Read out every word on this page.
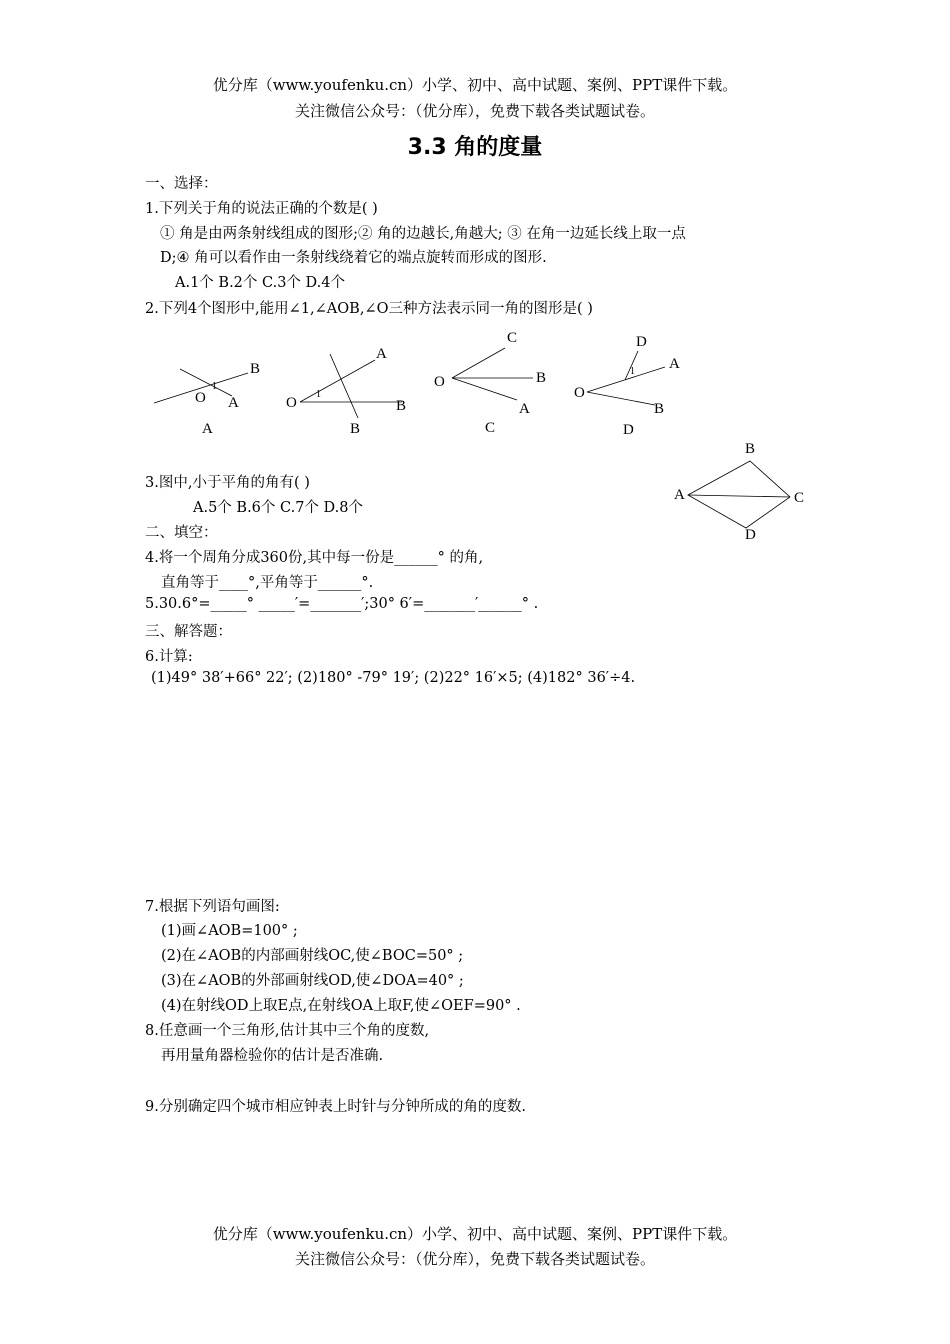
优分库（www.youfenku.cn）小学、初中、高中试题、案例、PPT课件下载。
关注微信公众号：（优分库），免费下载各类试题试卷。
3.3 角的度量
一、选择：
1.下列关于角的说法正确的个数是( )
① 角是由两条射线组成的图形;② 角的边越长,角越大; ③ 在角一边延长线上取一点
D;④ 角可以看作由一条射线绕着它的端点旋转而形成的图形.
A.1个 B.2个 C.3个 D.4个
2.下列4个图形中,能用∠1,∠AOB,∠O三种方法表示同一角的图形是( )
B
1
O A
A
A
1
O	B
B
C
O	B
A
C
D
A
1
O
B
D
3.图中,小于平角的角有( )
A.5个 B.6个 C.7个 D.8个
B
A	C
D
二、填空：
4.将一个周角分成360份,其中每一份是______° 的角,
直角等于____°,平角等于______°.
5.30.6°=_____° _____′=_______′;30° 6′=_______′______° .
三、解答题：
6.计算:
(1)49° 38′+66° 22′; (2)180° -79° 19′; (2)22° 16′×5; (4)182° 36′÷4.
7.根据下列语句画图:
(1)画∠AOB=100° ;
(2)在∠AOB的内部画射线OC,使∠BOC=50° ;
(3)在∠AOB的外部画射线OD,使∠DOA=40° ;
(4)在射线OD上取E点,在射线OA上取F,使∠OEF=90° .
8.任意画一个三角形,估计其中三个角的度数,
再用量角器检验你的估计是否准确.
9.分别确定四个城市相应钟表上时针与分钟所成的角的度数.
优分库（www.youfenku.cn）小学、初中、高中试题、案例、PPT课件下载。
关注微信公众号：（优分库），免费下载各类试题试卷。
